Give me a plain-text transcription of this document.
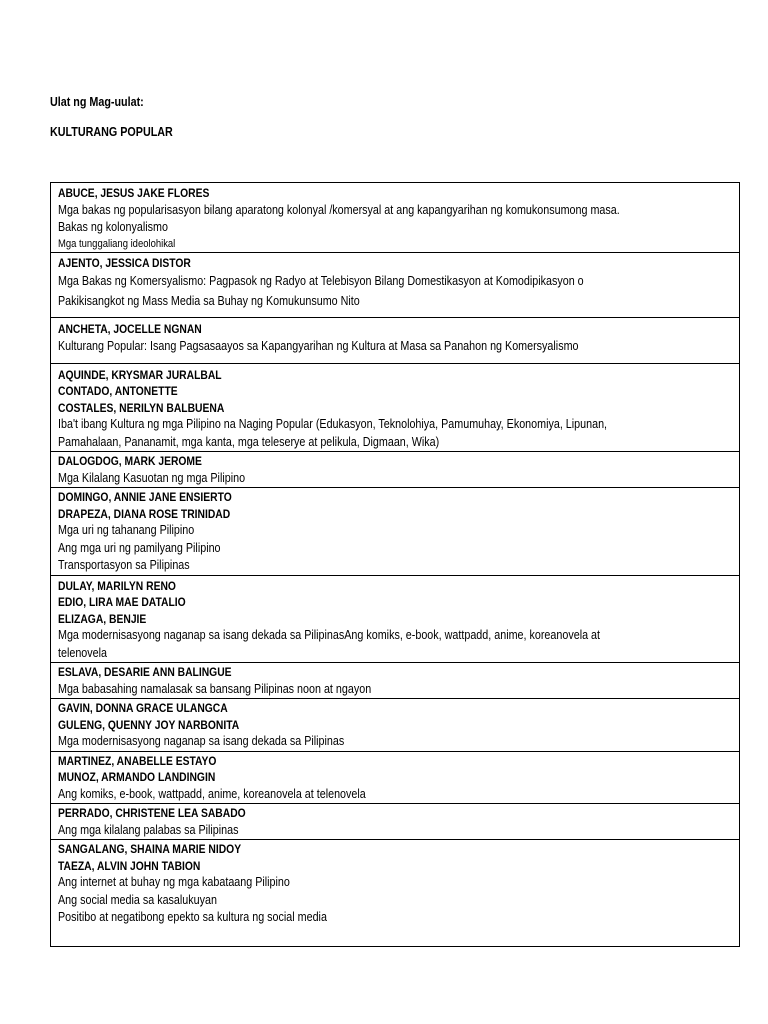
Ulat ng Mag-uulat:
KULTURANG POPULAR
ABUCE, JESUS JAKE FLORES
Mga bakas ng popularisasyon bilang aparatong kolonyal /komersyal at ang kapangyarihan ng komukonsumong masa.
Bakas ng kolonyalismo
Mga tunggaliang ideolohikal

AJENTO, JESSICA DISTOR
Mga Bakas ng Komersyalismo: Pagpasok ng Radyo at Telebisyon Bilang Domestikasyon at Komodipikasyon o
Pakikisangkot ng Mass Media sa Buhay ng Komukunsumo Nito

ANCHETA, JOCELLE NGNAN
Kulturang Popular: Isang Pagsasaayos sa Kapangyarihan ng Kultura at Masa sa Panahon ng Komersyalismo

AQUINDE, KRYSMAR JURALBAL
CONTADO, ANTONETTE
COSTALES, NERILYN BALBUENA
Iba't ibang Kultura ng mga Pilipino na Naging Popular (Edukasyon, Teknolohiya, Pamumuhay, Ekonomiya, Lipunan,
Pamahalaan, Pananamit, mga kanta, mga teleserye at pelikula, Digmaan, Wika)

DALOGDOG, MARK JEROME
Mga Kilalang Kasuotan ng mga Pilipino

DOMINGO, ANNIE JANE ENSIERTO
DRAPEZA, DIANA ROSE TRINIDAD
Mga uri ng tahanang Pilipino
Ang mga uri ng pamilyang Pilipino
Transportasyon sa Pilipinas

DULAY, MARILYN RENO
EDIO, LIRA MAE DATALIO
ELIZAGA, BENJIE
Mga modernisasyong naganap sa isang dekada sa PilipinasAng komiks, e-book, wattpadd, anime, koreanovela at
telenovela

ESLAVA, DESARIE ANN BALINGUE
Mga babasahing namalasak sa bansang Pilipinas noon at ngayon

GAVIN, DONNA GRACE ULANGCA
GULENG, QUENNY JOY NARBONITA
Mga modernisasyong naganap sa isang dekada sa Pilipinas

MARTINEZ, ANABELLE ESTAYO
MUNOZ, ARMANDO LANDINGIN
Ang komiks, e-book, wattpadd, anime, koreanovela at telenovela

PERRADO, CHRISTENE LEA SABADO
Ang mga kilalang palabas sa Pilipinas

SANGALANG, SHAINA MARIE NIDOY
TAEZA, ALVIN JOHN TABION
Ang internet at buhay ng mga kabataang Pilipino
Ang social media sa kasalukuyan
Positibo at negatibong epekto sa kultura ng social media
